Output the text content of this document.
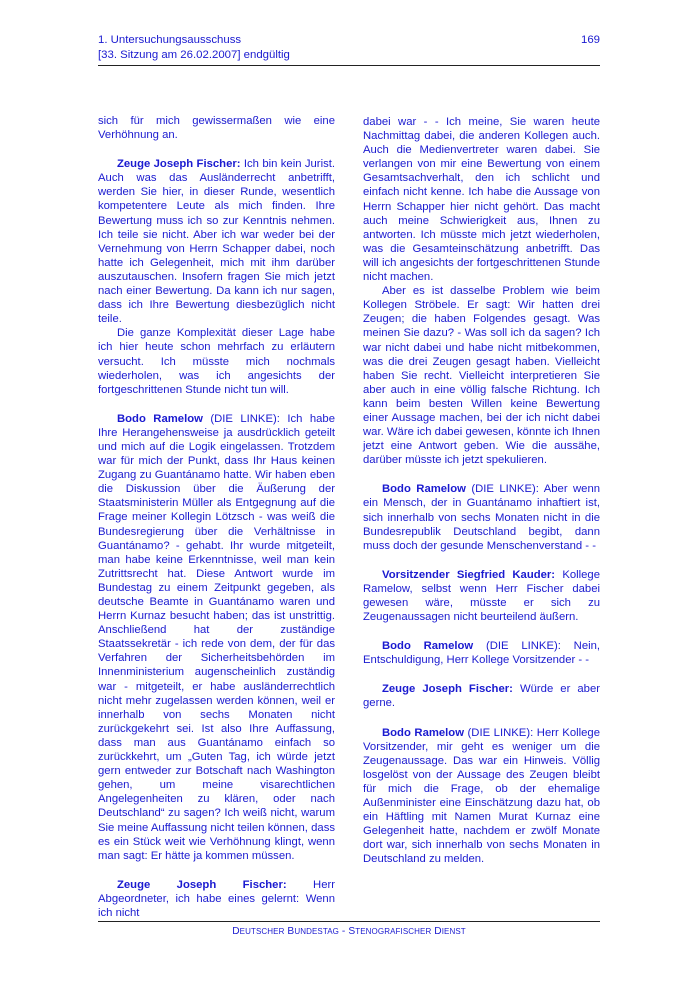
1. Untersuchungsausschuss
[33. Sitzung am 26.02.2007] endgültig
169

sich für mich gewissermaßen wie eine Verhöhnung an.

Zeuge Joseph Fischer: Ich bin kein Jurist. Auch was das Ausländerrecht anbetrifft, werden Sie hier, in dieser Runde, wesentlich kompetentere Leute als mich finden. Ihre Bewertung muss ich so zur Kenntnis nehmen. Ich teile sie nicht. Aber ich war weder bei der Vernehmung von Herrn Schapper dabei, noch hatte ich Gelegenheit, mich mit ihm darüber auszutauschen. Insofern fragen Sie mich jetzt nach einer Bewertung. Da kann ich nur sagen, dass ich Ihre Bewertung diesbezüglich nicht teile.

Die ganze Komplexität dieser Lage habe ich hier heute schon mehrfach zu erläutern versucht. Ich müsste mich nochmals wiederholen, was ich angesichts der fortgeschrittenen Stunde nicht tun will.

Bodo Ramelow (DIE LINKE): Ich habe Ihre Herangehensweise ja ausdrücklich geteilt und mich auf die Logik eingelassen. Trotzdem war für mich der Punkt, dass Ihr Haus keinen Zugang zu Guantánamo hatte. Wir haben eben die Diskussion über die Äußerung der Staatsministerin Müller als Entgegnung auf die Frage meiner Kollegin Lötzsch - was weiß die Bundesregierung über die Verhältnisse in Guantánamo? - gehabt. Ihr wurde mitgeteilt, man habe keine Erkenntnisse, weil man kein Zutrittsrecht hat. Diese Antwort wurde im Bundestag zu einem Zeitpunkt gegeben, als deutsche Beamte in Guantánamo waren und Herrn Kurnaz besucht haben; das ist unstrittig. Anschließend hat der zuständige Staatssekretär - ich rede von dem, der für das Verfahren der Sicherheitsbehörden im Innenministerium augenscheinlich zuständig war - mitgeteilt, er habe ausländerrechtlich nicht mehr zugelassen werden können, weil er innerhalb von sechs Monaten nicht zurückgekehrt sei. Ist also Ihre Auffassung, dass man aus Guantánamo einfach so zurückkehrt, um „Guten Tag, ich würde jetzt gern entweder zur Botschaft nach Washington gehen, um meine visarechtlichen Angelegenheiten zu klären, oder nach Deutschland“ zu sagen? Ich weiß nicht, warum Sie meine Auffassung nicht teilen können, dass es ein Stück weit wie Verhöhnung klingt, wenn man sagt: Er hätte ja kommen müssen.

Zeuge Joseph Fischer: Herr Abgeordneter, ich habe eines gelernt: Wenn ich nicht

dabei war - - Ich meine, Sie waren heute Nachmittag dabei, die anderen Kollegen auch. Auch die Medienvertreter waren dabei. Sie verlangen von mir eine Bewertung von einem Gesamtsachverhalt, den ich schlicht und einfach nicht kenne. Ich habe die Aussage von Herrn Schapper hier nicht gehört. Das macht auch meine Schwierigkeit aus, Ihnen zu antworten. Ich müsste mich jetzt wiederholen, was die Gesamteinschätzung anbetrifft. Das will ich angesichts der fortgeschrittenen Stunde nicht machen.

Aber es ist dasselbe Problem wie beim Kollegen Ströbele. Er sagt: Wir hatten drei Zeugen; die haben Folgendes gesagt. Was meinen Sie dazu? - Was soll ich da sagen? Ich war nicht dabei und habe nicht mitbekommen, was die drei Zeugen gesagt haben. Vielleicht haben Sie recht. Vielleicht interpretieren Sie aber auch in eine völlig falsche Richtung. Ich kann beim besten Willen keine Bewertung einer Aussage machen, bei der ich nicht dabei war. Wäre ich dabei gewesen, könnte ich Ihnen jetzt eine Antwort geben. Wie die aussähe, darüber müsste ich jetzt spekulieren.

Bodo Ramelow (DIE LINKE): Aber wenn ein Mensch, der in Guantánamo inhaftiert ist, sich innerhalb von sechs Monaten nicht in die Bundesrepublik Deutschland begibt, dann muss doch der gesunde Menschenverstand - -

Vorsitzender Siegfried Kauder: Kollege Ramelow, selbst wenn Herr Fischer dabei gewesen wäre, müsste er sich zu Zeugenaussagen nicht beurteilend äußern.

Bodo Ramelow (DIE LINKE): Nein, Entschuldigung, Herr Kollege Vorsitzender - -

Zeuge Joseph Fischer: Würde er aber gerne.

Bodo Ramelow (DIE LINKE): Herr Kollege Vorsitzender, mir geht es weniger um die Zeugenaussage. Das war ein Hinweis. Völlig losgelöst von der Aussage des Zeugen bleibt für mich die Frage, ob der ehemalige Außenminister eine Einschätzung dazu hat, ob ein Häftling mit Namen Murat Kurnaz eine Gelegenheit hatte, nachdem er zwölf Monate dort war, sich innerhalb von sechs Monaten in Deutschland zu melden.

DEUTSCHER BUNDESTAG - STENOGRAFISCHER DIENST
